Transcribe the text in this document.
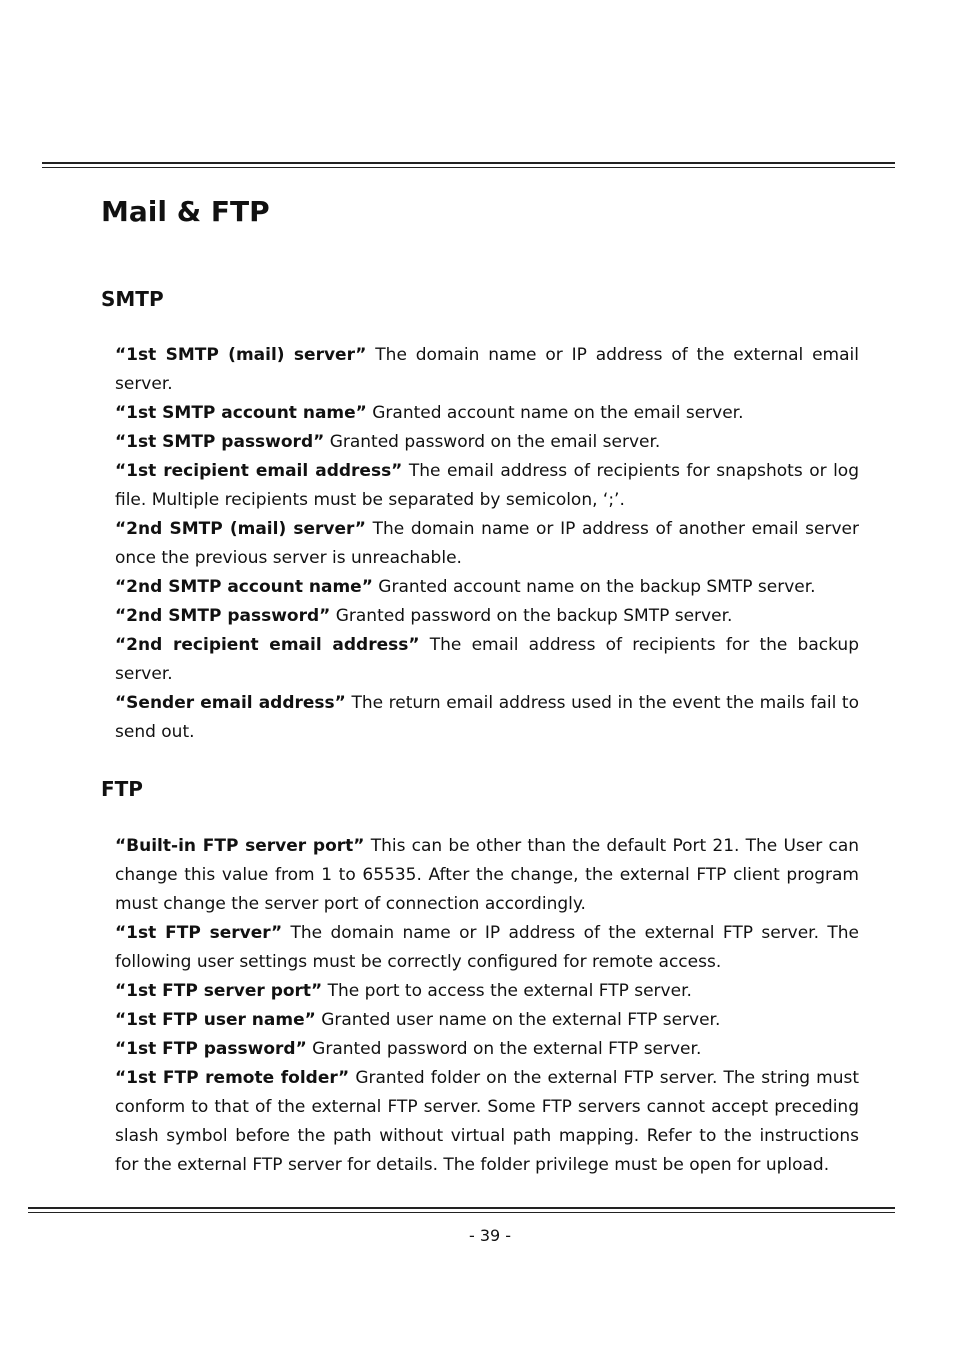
Mail & FTP
SMTP

“1st SMTP (mail) server” The domain name or IP address of the external email server.

“1st SMTP account name” Granted account name on the email server.

“1st SMTP password” Granted password on the email server.

“1st recipient email address” The email address of recipients for snapshots or log file. Multiple recipients must be separated by semicolon, ‘;’.

“2nd SMTP (mail) server” The domain name or IP address of another email server once the previous server is unreachable.

“2nd SMTP account name” Granted account name on the backup SMTP server.

“2nd SMTP password” Granted password on the backup SMTP server.

“2nd recipient email address” The email address of recipients for the backup server.

“Sender email address” The return email address used in the event the mails fail to send out.

FTP

“Built-in FTP server port” This can be other than the default Port 21. The User can change this value from 1 to 65535. After the change, the external FTP client program must change the server port of connection accordingly.

“1st FTP server” The domain name or IP address of the external FTP server. The following user settings must be correctly configured for remote access.

“1st FTP server port” The port to access the external FTP server.

“1st FTP user name” Granted user name on the external FTP server.

“1st FTP password” Granted password on the external FTP server.

“1st FTP remote folder” Granted folder on the external FTP server. The string must conform to that of the external FTP server. Some FTP servers cannot accept preceding slash symbol before the path without virtual path mapping. Refer to the instructions for the external FTP server for details. The folder privilege must be open for upload.

- 39 -
